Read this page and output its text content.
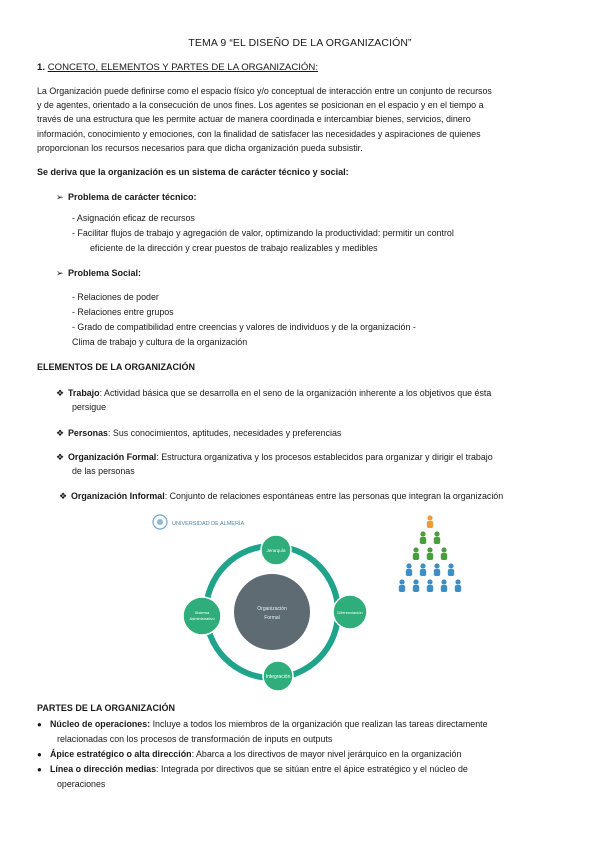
TEMA 9 “EL DISEÑO DE LA ORGANIZACIÓN”
1. CONCETO, ELEMENTOS Y PARTES DE LA ORGANIZACIÓN:
La Organización puede definirse como el espacio físico y/o conceptual de interacción entre un conjunto de recursos
y de agentes, orientado a la consecución de unos fines. Los agentes se posicionan en el espacio y en el tiempo a
través de una estructura que les permite actuar de manera coordinada e intercambiar bienes, servicios, dinero
información, conocimiento y emociones, con la finalidad de satisfacer las necesidades y aspiraciones de quienes
proporcionan los recursos necesarios para que dicha organización pueda subsistir.
Se deriva que la organización es un sistema de carácter técnico y social:
➢ Problema de carácter técnico:
- Asignación eficaz de recursos
- Facilitar flujos de trabajo y agregación de valor, optimizando la productividad: permitir un control
eficiente de la dirección y crear puestos de trabajo realizables y medibles
➢ Problema Social:
- Relaciones de poder
- Relaciones entre grupos
- Grado de compatibilidad entre creencias y valores de individuos y de la organización -
Clima de trabajo y cultura de la organización
ELEMENTOS DE LA ORGANIZACIÓN
❖ Trabajo: Actividad básica que se desarrolla en el seno de la organización inherente a los objetivos que ésta
persigue
❖ Personas: Sus conocimientos, aptitudes, necesidades y preferencias
❖ Organización Formal: Estructura organizativa y los procesos establecidos para organizar y dirigir el trabajo
de las personas
❖ Organización Informal: Conjunto de relaciones espontáneas entre las personas que integran la organización
UNIVERSIDAD DE ALMERÍA
Organización
Formal
Jerarquía
Diferenciación
Integración
Sistema
Administrativo
PARTES DE LA ORGANIZACIÓN
● Núcleo de operaciones: Incluye a todos los miembros de la organización que realizan las tareas directamente
relacionadas con los procesos de transformación de inputs en outputs
● Ápice estratégico o alta dirección: Abarca a los directivos de mayor nivel jerárquico en la organización
● Línea o dirección medias: Integrada por directivos que se sitúan entre el ápice estratégico y el núcleo de
operaciones
